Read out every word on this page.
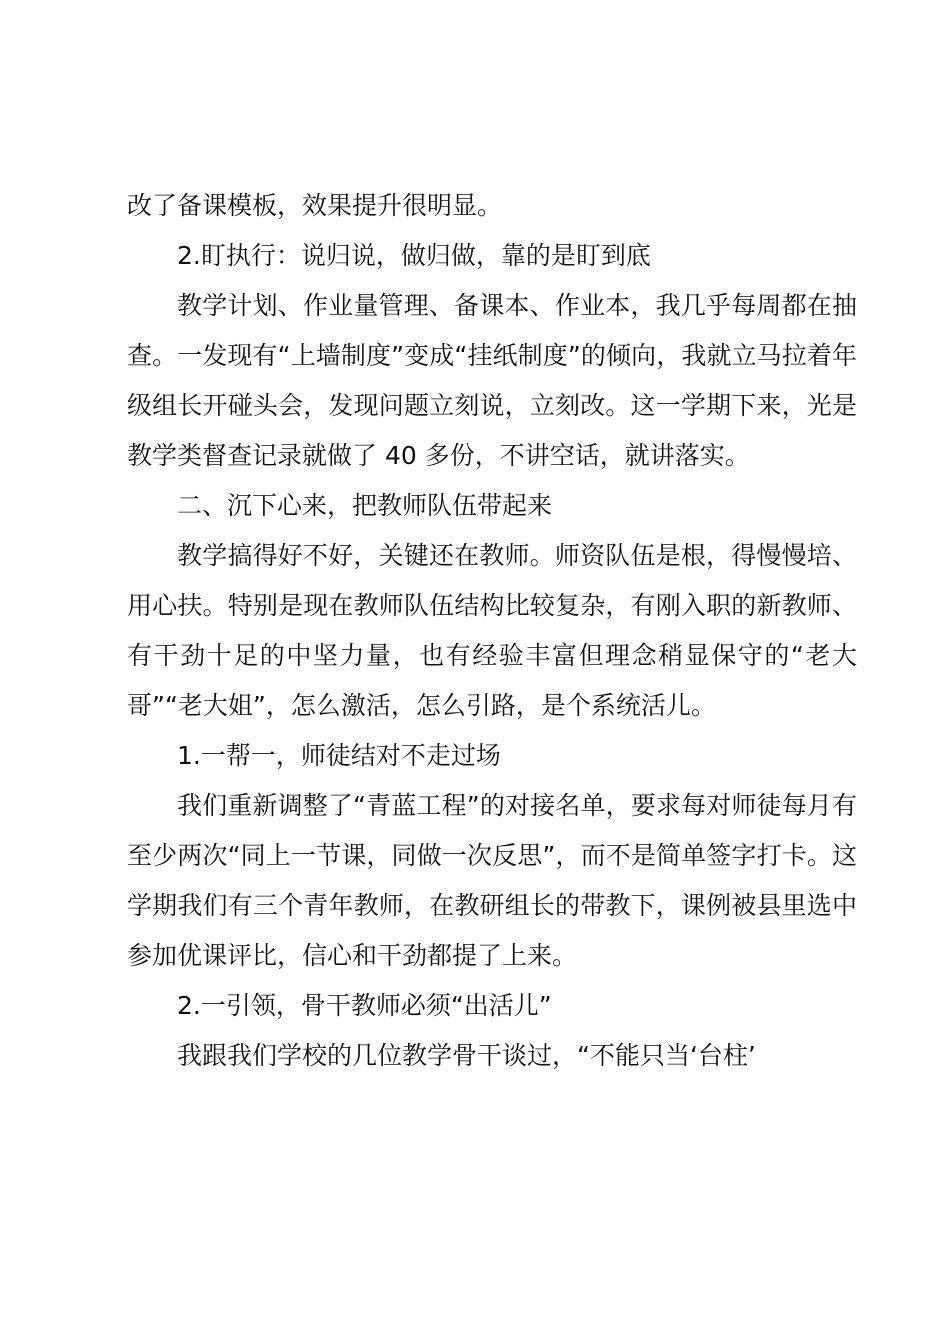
改了备课模板，效果提升很明显。

2.盯执行：说归说，做归做，靠的是盯到底

教学计划、作业量管理、备课本、作业本，我几乎每周都在抽查。一发现有“上墙制度”变成“挂纸制度”的倾向，我就立马拉着年级组长开碰头会，发现问题立刻说，立刻改。这一学期下来，光是教学类督查记录就做了 40 多份，不讲空话，就讲落实。

二、沉下心来，把教师队伍带起来

教学搞得好不好，关键还在教师。师资队伍是根，得慢慢培、用心扶。特别是现在教师队伍结构比较复杂，有刚入职的新教师、有干劲十足的中坚力量，也有经验丰富但理念稍显保守的“老大哥”“老大姐”，怎么激活，怎么引路，是个系统活儿。

1.一帮一，师徒结对不走过场

我们重新调整了“青蓝工程”的对接名单，要求每对师徒每月有至少两次“同上一节课，同做一次反思”，而不是简单签字打卡。这学期我们有三个青年教师，在教研组长的带教下，课例被县里选中参加优课评比，信心和干劲都提了上来。

2.一引领，骨干教师必须“出活儿”

我跟我们学校的几位教学骨干谈过，“不能只当‘台柱’
